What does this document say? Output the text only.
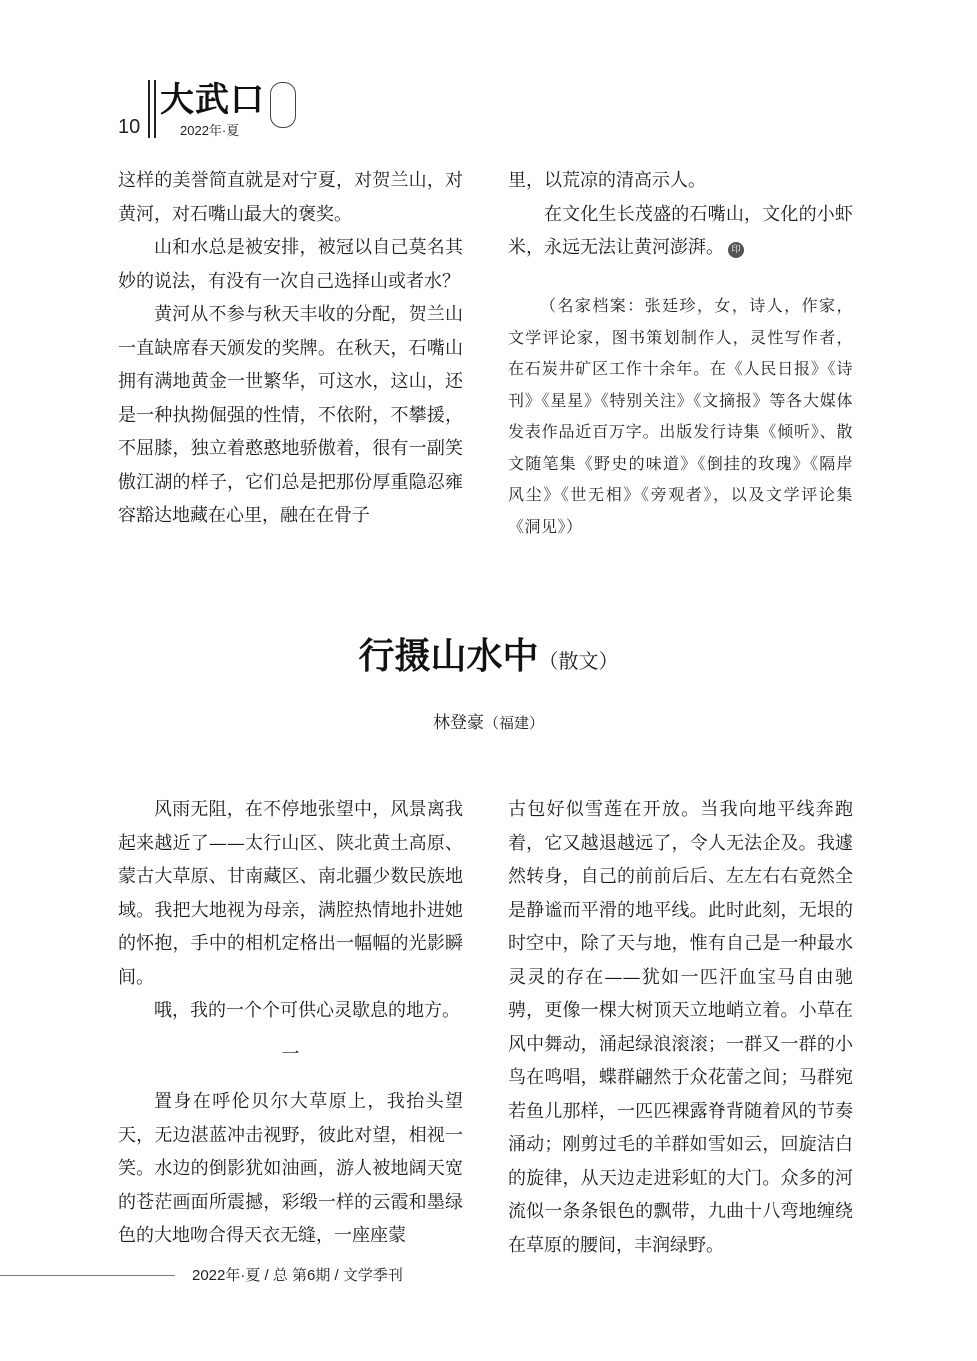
10
大武口
2022年·夏

这样的美誉简直就是对宁夏，对贺兰山，对黄河，对石嘴山最大的褒奖。

山和水总是被安排，被冠以自己莫名其妙的说法，有没有一次自己选择山或者水？

黄河从不参与秋天丰收的分配，贺兰山一直缺席春天颁发的奖牌。在秋天，石嘴山拥有满地黄金一世繁华，可这水，这山，还是一种执拗倔强的性情，不依附，不攀援，不屈膝，独立着憨憨地骄傲着，很有一副笑傲江湖的样子，它们总是把那份厚重隐忍雍容豁达地藏在心里，融在在骨子

里，以荒凉的清高示人。

在文化生长茂盛的石嘴山，文化的小虾米，永远无法让黄河澎湃。 印

（名家档案：张廷珍，女，诗人，作家，文学评论家，图书策划制作人，灵性写作者，在石炭井矿区工作十余年。在《人民日报》《诗刊》《星星》《特别关注》《文摘报》等各大媒体发表作品近百万字。出版发行诗集《倾听》、散文随笔集《野史的味道》《倒挂的玫瑰》《隔岸风尘》《世无相》《旁观者》，以及文学评论集《洞见》）

行摄山水中（散文）
林登豪（福建）

风雨无阻，在不停地张望中，风景离我起来越近了——太行山区、陕北黄土高原、蒙古大草原、甘南藏区、南北疆少数民族地域。我把大地视为母亲，满腔热情地扑进她的怀抱，手中的相机定格出一幅幅的光影瞬间。

哦，我的一个个可供心灵歇息的地方。

一

置身在呼伦贝尔大草原上，我抬头望天，无边湛蓝冲击视野，彼此对望，相视一笑。水边的倒影犹如油画，游人被地阔天宽的苍茫画面所震撼，彩缎一样的云霞和墨绿色的大地吻合得天衣无缝，一座座蒙

古包好似雪莲在开放。当我向地平线奔跑着，它又越退越远了，令人无法企及。我遽然转身，自己的前前后后、左左右右竟然全是静谧而平滑的地平线。此时此刻，无垠的时空中，除了天与地，惟有自己是一种最水灵灵的存在——犹如一匹汗血宝马自由驰骋，更像一棵大树顶天立地峭立着。小草在风中舞动，涌起绿浪滚滚；一群又一群的小鸟在鸣唱，蝶群翩然于众花蕾之间；马群宛若鱼儿那样，一匹匹裸露脊背随着风的节奏涌动；刚剪过毛的羊群如雪如云，回旋洁白的旋律，从天边走进彩虹的大门。众多的河流似一条条银色的飘带，九曲十八弯地缠绕在草原的腰间，丰润绿野。

2022年·夏 / 总 第6期 / 文学季刊
